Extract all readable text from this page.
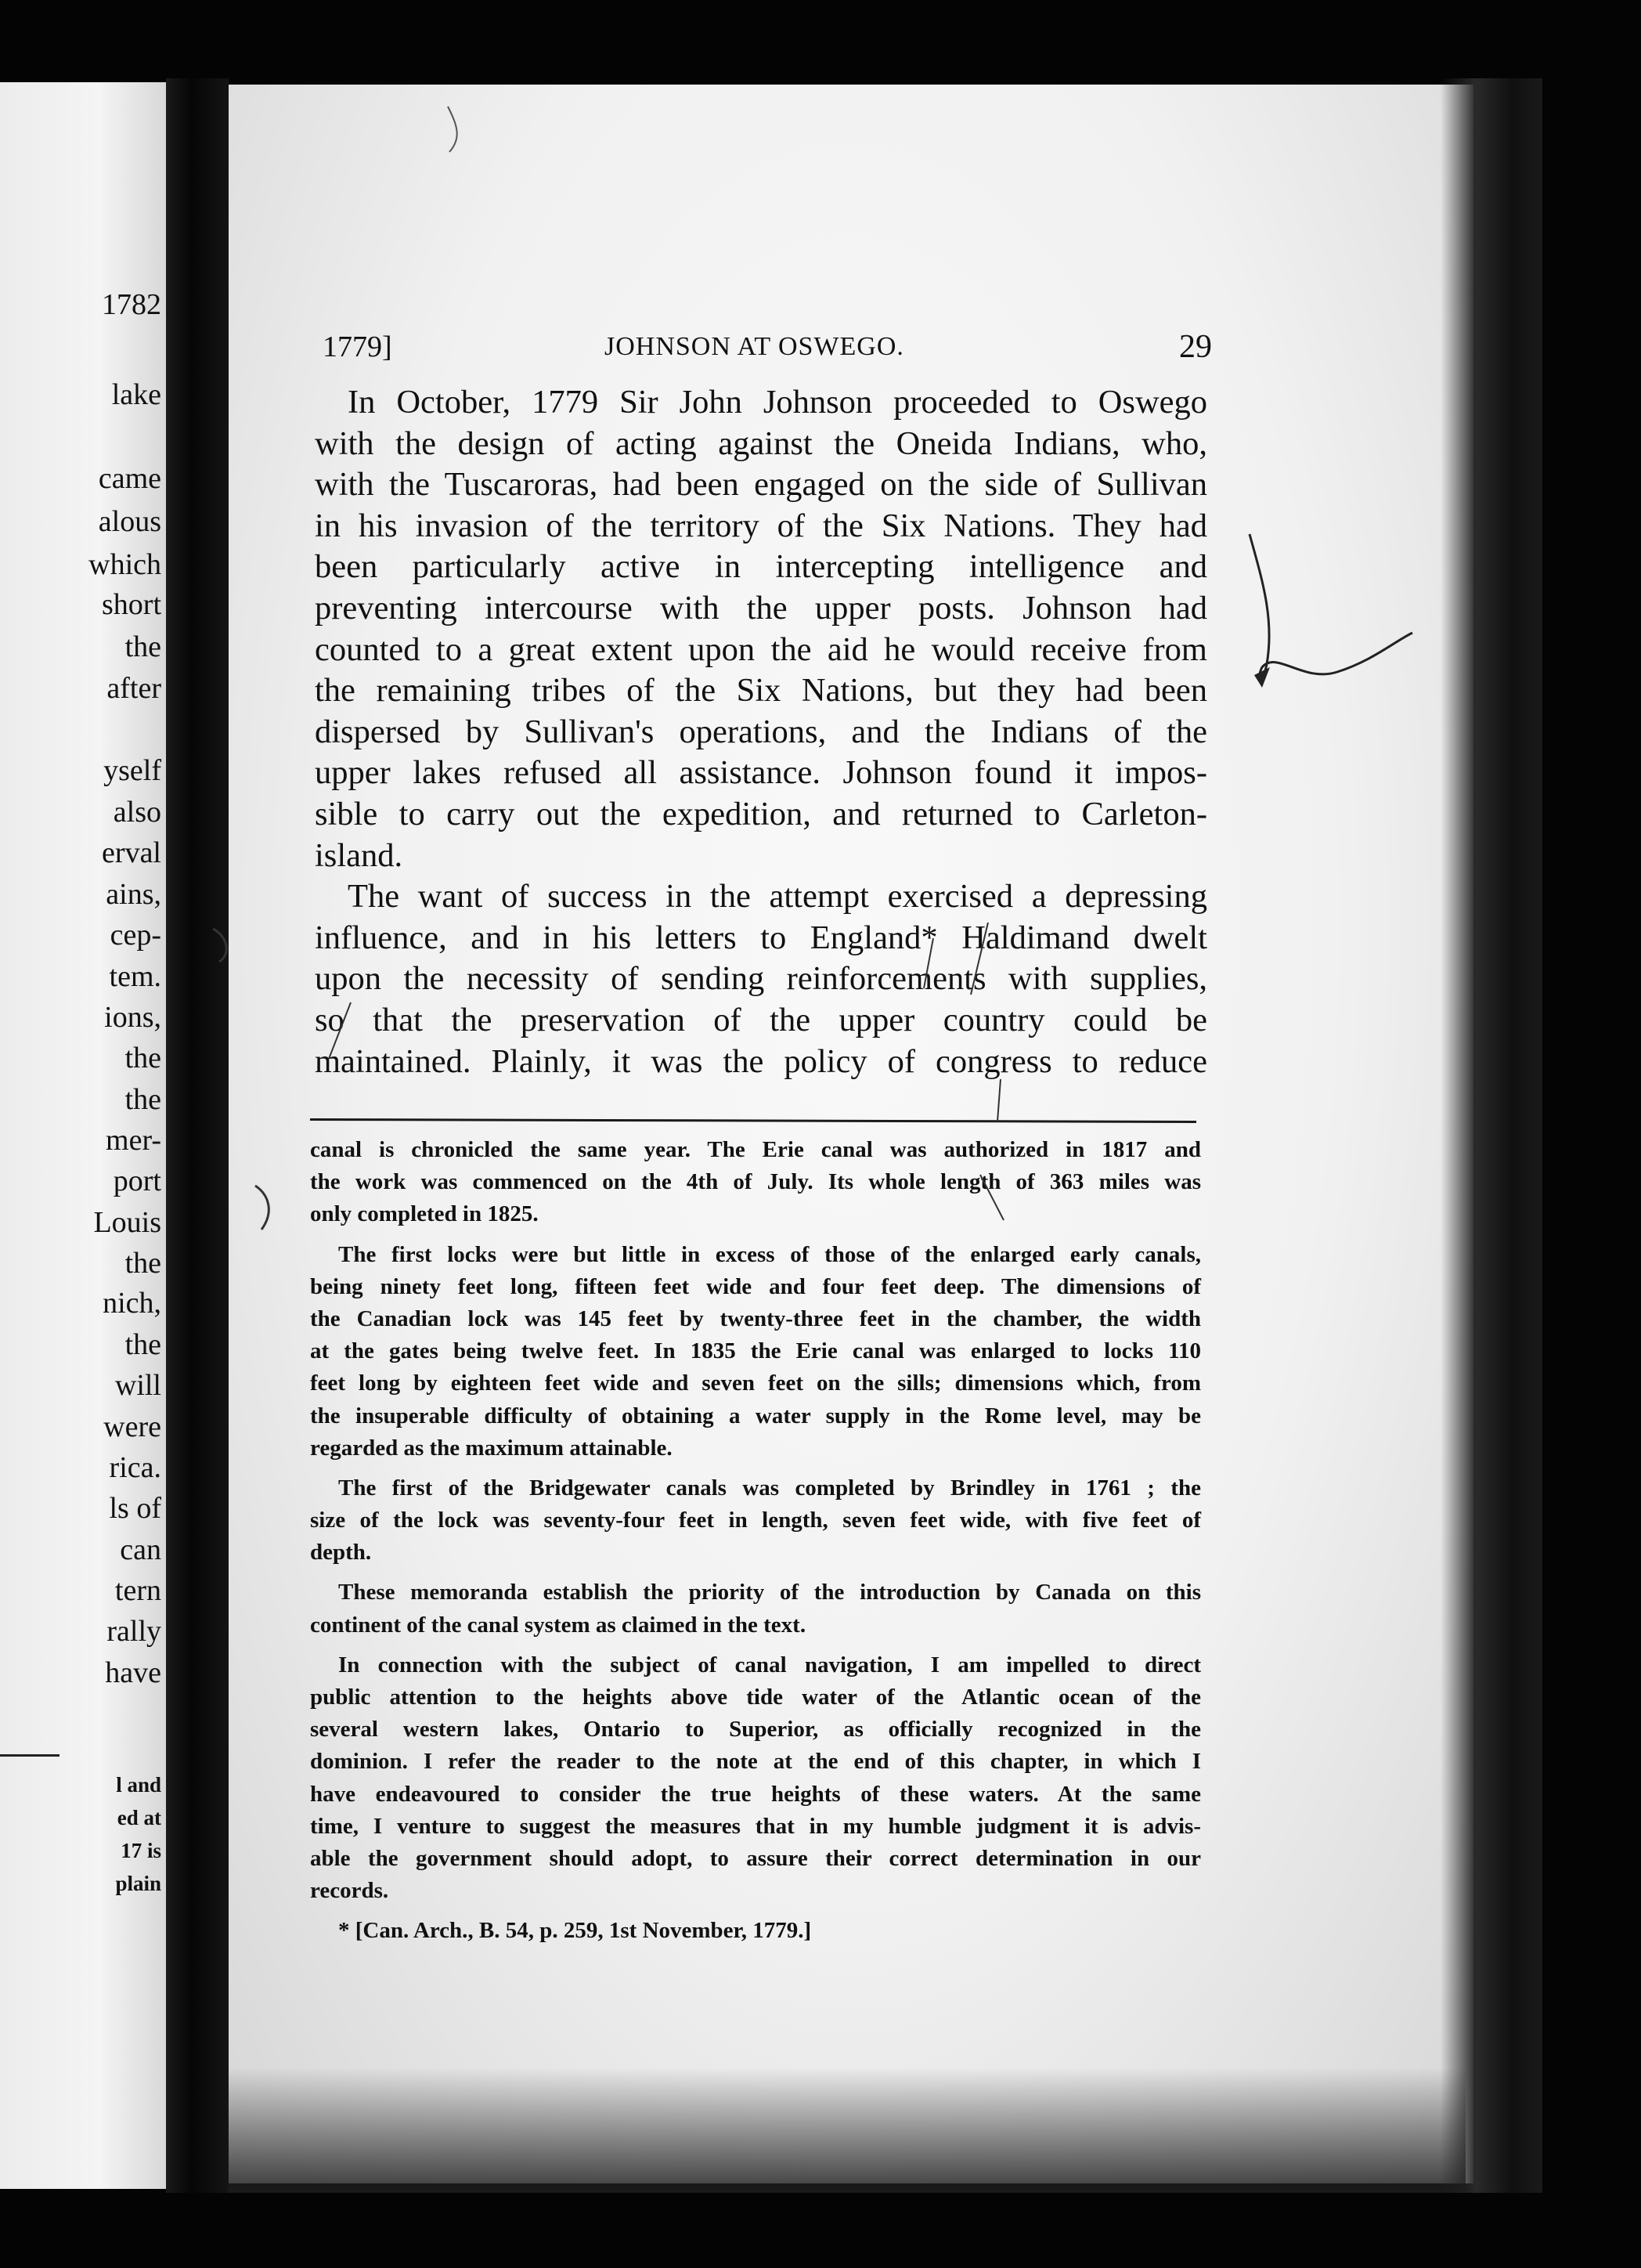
1782
lake
came
alous
which
short
the
after
yself
also
erval
ains,
cep-
tem.
ions,
the
the
mer-
port
Louis
the
nich,
the
will
were
rica.
ls of
can
tern
rally
have
l and
ed at
17 is
plain
1779]	JOHNSON AT OSWEGO.	29
In October, 1779 Sir John Johnson proceeded to Oswego
with the design of acting against the Oneida Indians, who,
with the Tuscaroras, had been engaged on the side of Sullivan
in his invasion of the territory of the Six Nations. They had
been particularly active in intercepting intelligence and
preventing intercourse with the upper posts. Johnson had
counted to a great extent upon the aid he would receive from
the remaining tribes of the Six Nations, but they had been
dispersed by Sullivan's operations, and the Indians of the
upper lakes refused all assistance. Johnson found it impos-
sible to carry out the expedition, and returned to Carleton-
island.
The want of success in the attempt exercised a depressing
influence, and in his letters to England* Haldimand dwelt
upon the necessity of sending reinforcements with supplies,
so that the preservation of the upper country could be
maintained. Plainly, it was the policy of congress to reduce
canal is chronicled the same year. The Erie canal was authorized in 1817 and
the work was commenced on the 4th of July. Its whole length of 363 miles was
only completed in 1825.
The first locks were but little in excess of those of the enlarged early canals,
being ninety feet long, fifteen feet wide and four feet deep. The dimensions of
the Canadian lock was 145 feet by twenty-three feet in the chamber, the width
at the gates being twelve feet. In 1835 the Erie canal was enlarged to locks 110
feet long by eighteen feet wide and seven feet on the sills; dimensions which, from
the insuperable difficulty of obtaining a water supply in the Rome level, may be
regarded as the maximum attainable.
The first of the Bridgewater canals was completed by Brindley in 1761 ; the
size of the lock was seventy-four feet in length, seven feet wide, with five feet of
depth.
These memoranda establish the priority of the introduction by Canada on this
continent of the canal system as claimed in the text.
In connection with the subject of canal navigation, I am impelled to direct
public attention to the heights above tide water of the Atlantic ocean of the
several western lakes, Ontario to Superior, as officially recognized in the
dominion. I refer the reader to the note at the end of this chapter, in which I
have endeavoured to consider the true heights of these waters. At the same
time, I venture to suggest the measures that in my humble judgment it is advis-
able the government should adopt, to assure their correct determination in our
records.
* [Can. Arch., B. 54, p. 259, 1st November, 1779.]
